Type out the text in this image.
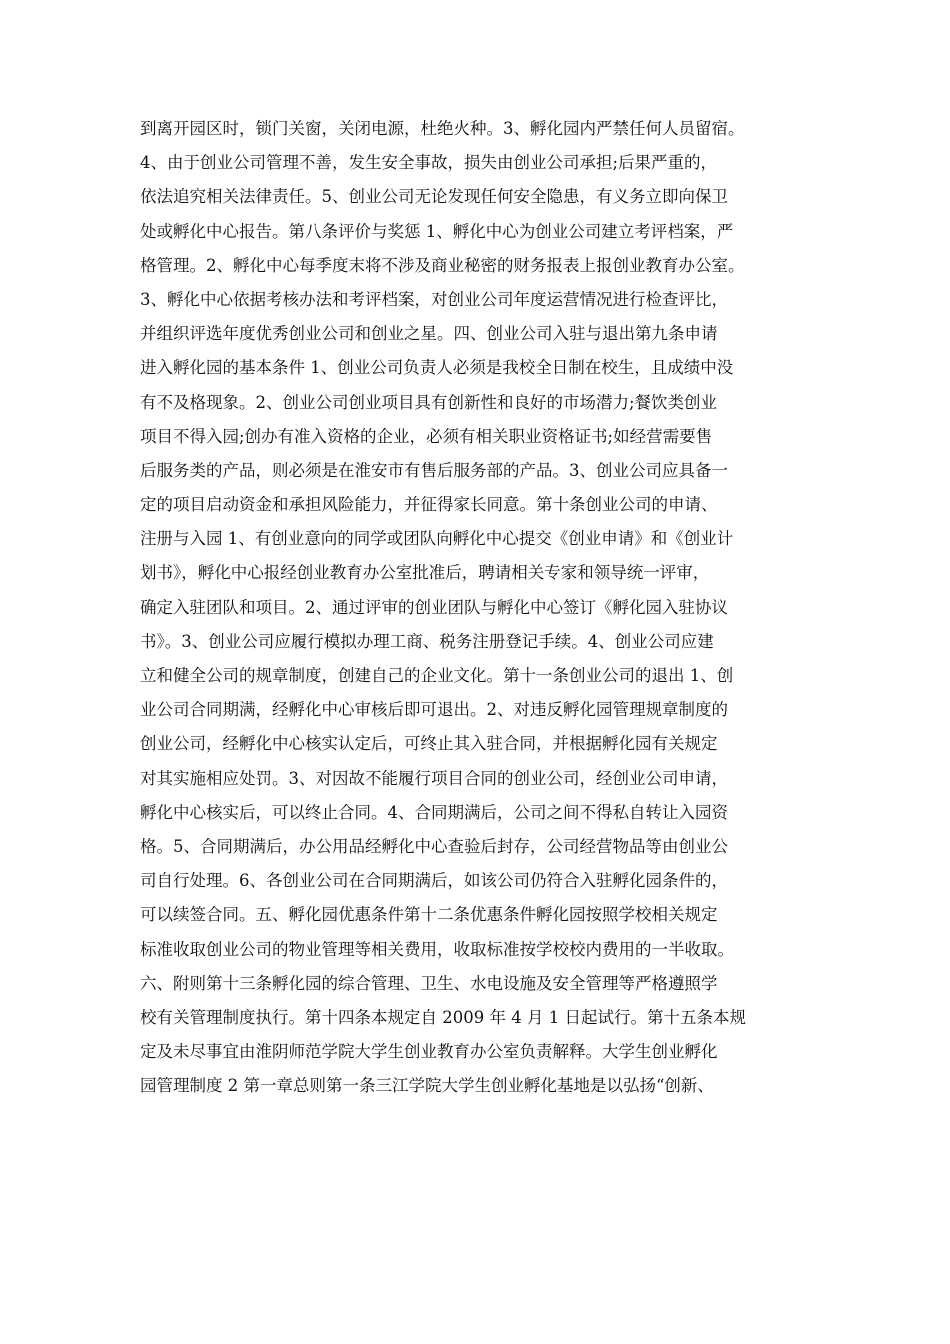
到离开园区时，锁门关窗，关闭电源，杜绝火种。3、孵化园内严禁任何人员留宿。
4、由于创业公司管理不善，发生安全事故，损失由创业公司承担;后果严重的，
依法追究相关法律责任。5、创业公司无论发现任何安全隐患，有义务立即向保卫
处或孵化中心报告。第八条评价与奖惩 1、孵化中心为创业公司建立考评档案，严
格管理。2、孵化中心每季度末将不涉及商业秘密的财务报表上报创业教育办公室。
3、孵化中心依据考核办法和考评档案，对创业公司年度运营情况进行检查评比，
并组织评选年度优秀创业公司和创业之星。四、创业公司入驻与退出第九条申请
进入孵化园的基本条件 1、创业公司负责人必须是我校全日制在校生，且成绩中没
有不及格现象。2、创业公司创业项目具有创新性和良好的市场潜力;餐饮类创业
项目不得入园;创办有准入资格的企业，必须有相关职业资格证书;如经营需要售
后服务类的产品，则必须是在淮安市有售后服务部的产品。3、创业公司应具备一
定的项目启动资金和承担风险能力，并征得家长同意。第十条创业公司的申请、
注册与入园 1、有创业意向的同学或团队向孵化中心提交《创业申请》和《创业计
划书》，孵化中心报经创业教育办公室批准后，聘请相关专家和领导统一评审，
确定入驻团队和项目。2、通过评审的创业团队与孵化中心签订《孵化园入驻协议
书》。3、创业公司应履行模拟办理工商、税务注册登记手续。4、创业公司应建
立和健全公司的规章制度，创建自己的企业文化。第十一条创业公司的退出 1、创
业公司合同期满，经孵化中心审核后即可退出。2、对违反孵化园管理规章制度的
创业公司，经孵化中心核实认定后，可终止其入驻合同，并根据孵化园有关规定
对其实施相应处罚。3、对因故不能履行项目合同的创业公司，经创业公司申请，
孵化中心核实后，可以终止合同。4、合同期满后，公司之间不得私自转让入园资
格。5、合同期满后，办公用品经孵化中心查验后封存，公司经营物品等由创业公
司自行处理。6、各创业公司在合同期满后，如该公司仍符合入驻孵化园条件的，
可以续签合同。五、孵化园优惠条件第十二条优惠条件孵化园按照学校相关规定
标准收取创业公司的物业管理等相关费用，收取标准按学校校内费用的一半收取。
六、附则第十三条孵化园的综合管理、卫生、水电设施及安全管理等严格遵照学
校有关管理制度执行。第十四条本规定自 2009 年 4 月 1 日起试行。第十五条本规
定及未尽事宜由淮阴师范学院大学生创业教育办公室负责解释。大学生创业孵化
园管理制度 2 第一章总则第一条三江学院大学生创业孵化基地是以弘扬“创新、
